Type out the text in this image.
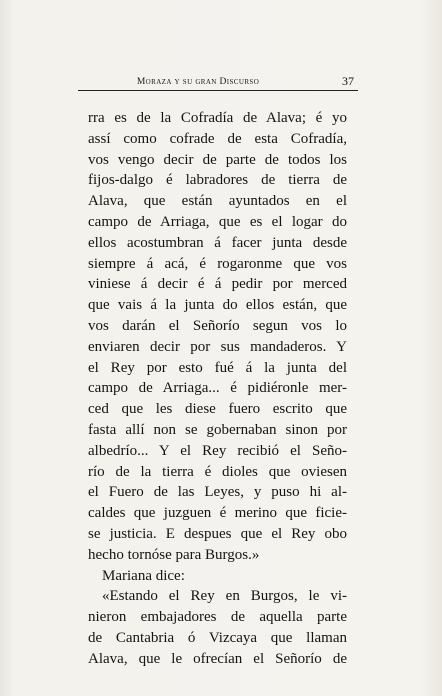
Moraza y su gran Discurso	37
rra es de la Cofradía de Alava; é yo
assí como cofrade de esta Cofradía,
vos vengo decir de parte de todos los
fijos-dalgo é labradores de tierra de
Alava, que están ayuntados en el
campo de Arriaga, que es el logar do
ellos acostumbran á facer junta desde
siempre á acá, é rogaronme que vos
viniese á decir é á pedir por merced
que vais á la junta do ellos están, que
vos darán el Señorío segun vos lo
enviaren decir por sus mandaderos. Y
el Rey por esto fué á la junta del
campo de Arriaga... é pidiéronle mer-
ced que les diese fuero escrito que
fasta allí non se gobernaban sinon por
albedrío... Y el Rey recibió el Seño-
río de la tierra é dioles que oviesen
el Fuero de las Leyes, y puso hi al-
caldes que juzguen é merino que ficie-
se justicia. E despues que el Rey obo
hecho tornóse para Burgos.»
Mariana dice:
«Estando el Rey en Burgos, le vi-
nieron embajadores de aquella parte
de Cantabria ó Vizcaya que llaman
Alava, que le ofrecían el Señorío de
